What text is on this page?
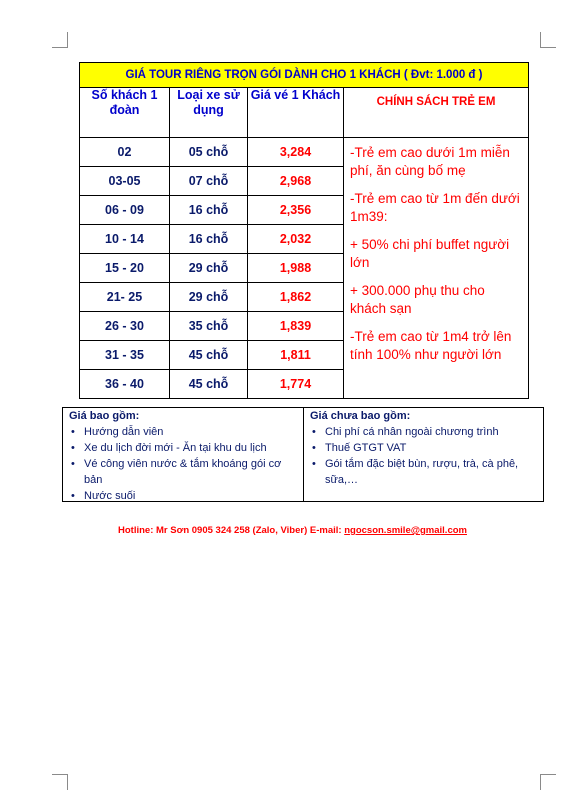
GIÁ TOUR RIÊNG TRỌN GÓI DÀNH CHO 1 KHÁCH ( Đvt: 1.000 đ )			
Số khách 1 đoàn	Loại xe sử dụng	Giá vé 1 Khách	CHÍNH SÁCH TRẺ EM
02	05 chỗ	3,284	-Trẻ em cao dưới 1m miễn phí, ăn cùng bố mẹ

-Trẻ em cao từ 1m đến dưới 1m39:

+ 50% chi phí buffet người lớn

+ 300.000 phụ thu cho khách sạn

-Trẻ em cao từ 1m4 trở lên tính 100% như người lớn

03-05	07 chỗ	2,968	
06 - 09	16 chỗ	2,356	
10 - 14	16 chỗ	2,032	
15 - 20	29 chỗ	1,988	
21- 25	29 chỗ	1,862	
26 - 30	35 chỗ	1,839	
31 - 35	45 chỗ	1,811	
36 - 40	45 chỗ	1,774	
Giá bao gồm:
• Hướng dẫn viên
• Xe du lịch đời mới - Ăn tại khu du lịch
• Vé công viên nước & tắm khoáng gói cơ bản
• Nước suối
Giá chưa bao gồm:
• Chi phí cá nhân ngoài chương trình
• Thuế GTGT VAT
• Gói tắm đặc biệt bùn, rượu, trà, cà phê, sữa,…
Hotline: Mr Sơn 0905 324 258 (Zalo, Viber) E-mail: ngocson.smile@gmail.com
